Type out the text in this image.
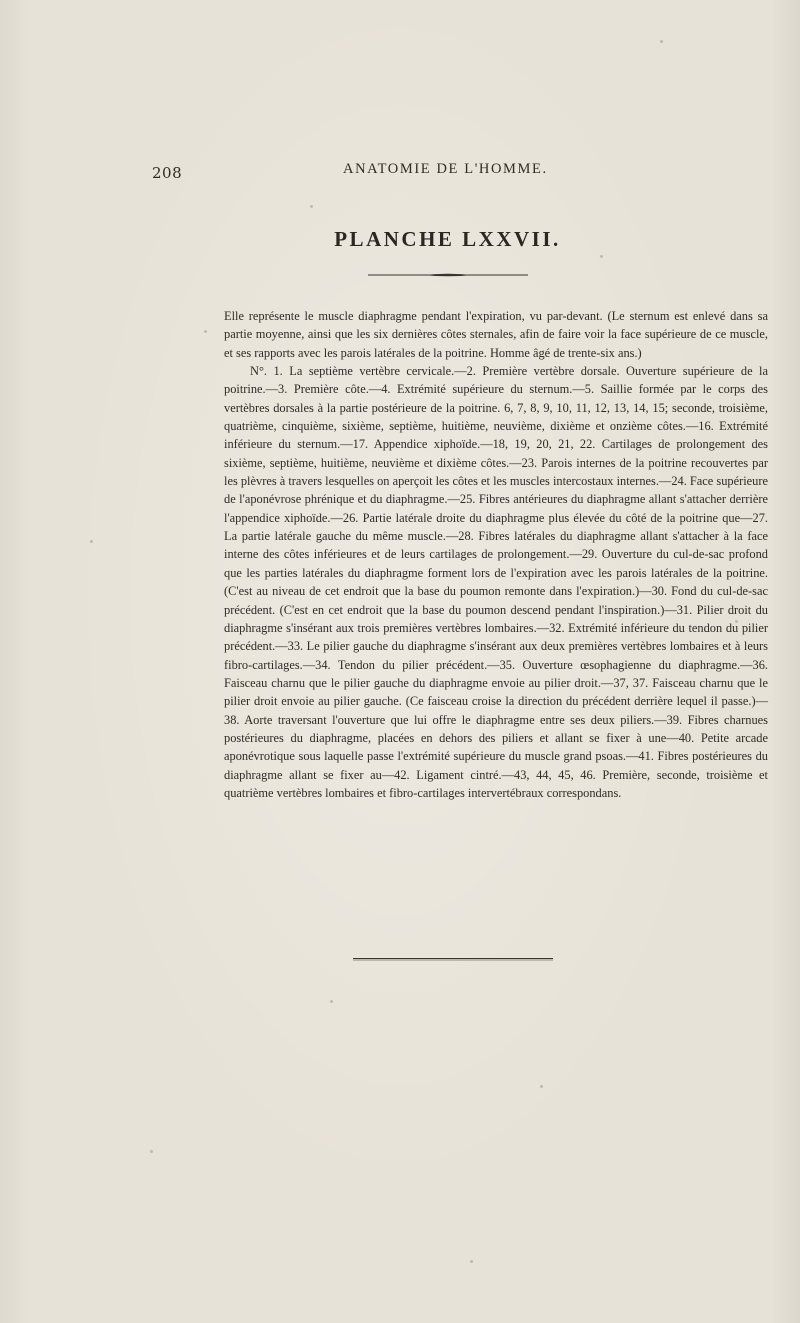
208	ANATOMIE DE L'HOMME.
PLANCHE LXXVII.

Elle représente le muscle diaphragme pendant l'expiration, vu par-devant. (Le sternum est enlevé dans sa partie moyenne, ainsi que les six dernières côtes sternales, afin de faire voir la face supérieure de ce muscle, et ses rapports avec les parois latérales de la poitrine. Homme âgé de trente-six ans.)

N°. 1. La septième vertèbre cervicale.—2. Première vertèbre dorsale. Ouverture supérieure de la poitrine.—3. Première côte.—4. Extrémité supérieure du sternum.—5. Saillie formée par le corps des vertèbres dorsales à la partie postérieure de la poitrine. 6, 7, 8, 9, 10, 11, 12, 13, 14, 15; seconde, troisième, quatrième, cinquième, sixième, septième, huitième, neuvième, dixième et onzième côtes.—16. Extrémité inférieure du sternum.—17. Appendice xiphoïde.—18, 19, 20, 21, 22. Cartilages de prolongement des sixième, septième, huitième, neuvième et dixième côtes.—23. Parois internes de la poitrine recouvertes par les plèvres à travers lesquelles on aperçoit les côtes et les muscles intercostaux internes.—24. Face supérieure de l'aponévrose phrénique et du diaphragme.—25. Fibres antérieures du diaphragme allant s'attacher derrière l'appendice xiphoïde.—26. Partie latérale droite du diaphragme plus élevée du côté de la poitrine que—27. La partie latérale gauche du même muscle.—28. Fibres latérales du diaphragme allant s'attacher à la face interne des côtes inférieures et de leurs cartilages de prolongement.—29. Ouverture du cul-de-sac profond que les parties latérales du diaphragme forment lors de l'expiration avec les parois latérales de la poitrine. (C'est au niveau de cet endroit que la base du poumon remonte dans l'expiration.)—30. Fond du cul-de-sac précédent. (C'est en cet endroit que la base du poumon descend pendant l'inspiration.)—31. Pilier droit du diaphragme s'insérant aux trois premières vertèbres lombaires.—32. Extrémité inférieure du tendon du pilier précédent.—33. Le pilier gauche du diaphragme s'insérant aux deux premières vertèbres lombaires et à leurs fibro-cartilages.—34. Tendon du pilier précédent.—35. Ouverture œsophagienne du diaphragme.—36. Faisceau charnu que le pilier gauche du diaphragme envoie au pilier droit.—37, 37. Faisceau charnu que le pilier droit envoie au pilier gauche. (Ce faisceau croise la direction du précédent derrière lequel il passe.)—38. Aorte traversant l'ouverture que lui offre le diaphragme entre ses deux piliers.—39. Fibres charnues postérieures du diaphragme, placées en dehors des piliers et allant se fixer à une—40. Petite arcade aponévrotique sous laquelle passe l'extrémité supérieure du muscle grand psoas.—41. Fibres postérieures du diaphragme allant se fixer au—42. Ligament cintré.—43, 44, 45, 46. Première, seconde, troisième et quatrième vertèbres lombaires et fibro-cartilages intervertébraux correspondans.
